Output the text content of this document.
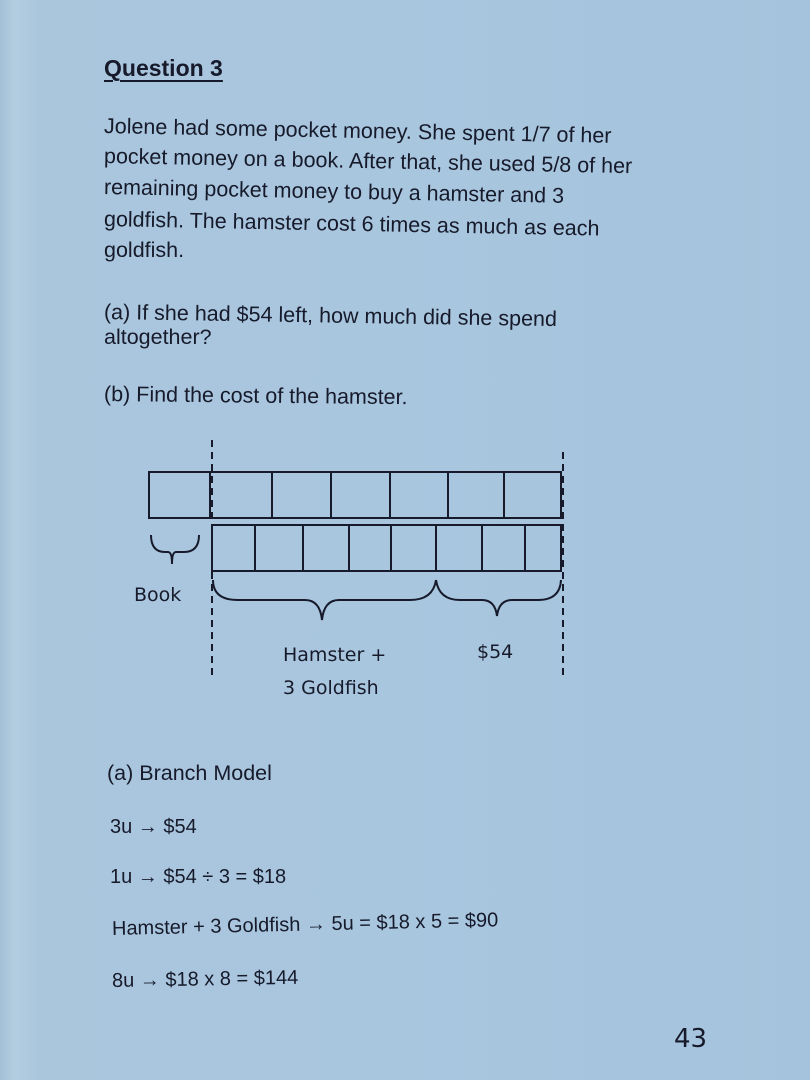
Question 3
Jolene had some pocket money. She spent 1/7 of her
pocket money on a book. After that, she used 5/8 of her
remaining pocket money to buy a hamster and 3
goldfish. The hamster cost 6 times as much as each
goldfish.
(a) If she had $54 left, how much did she spend
altogether?
(b) Find the cost of the hamster.
Book
Hamster +
3 Goldfish
$54
(a) Branch Model
3u → $54
1u → $54 ÷ 3 = $18
Hamster + 3 Goldfish → 5u = $18 x 5 = $90
8u → $18 x 8 = $144
43
